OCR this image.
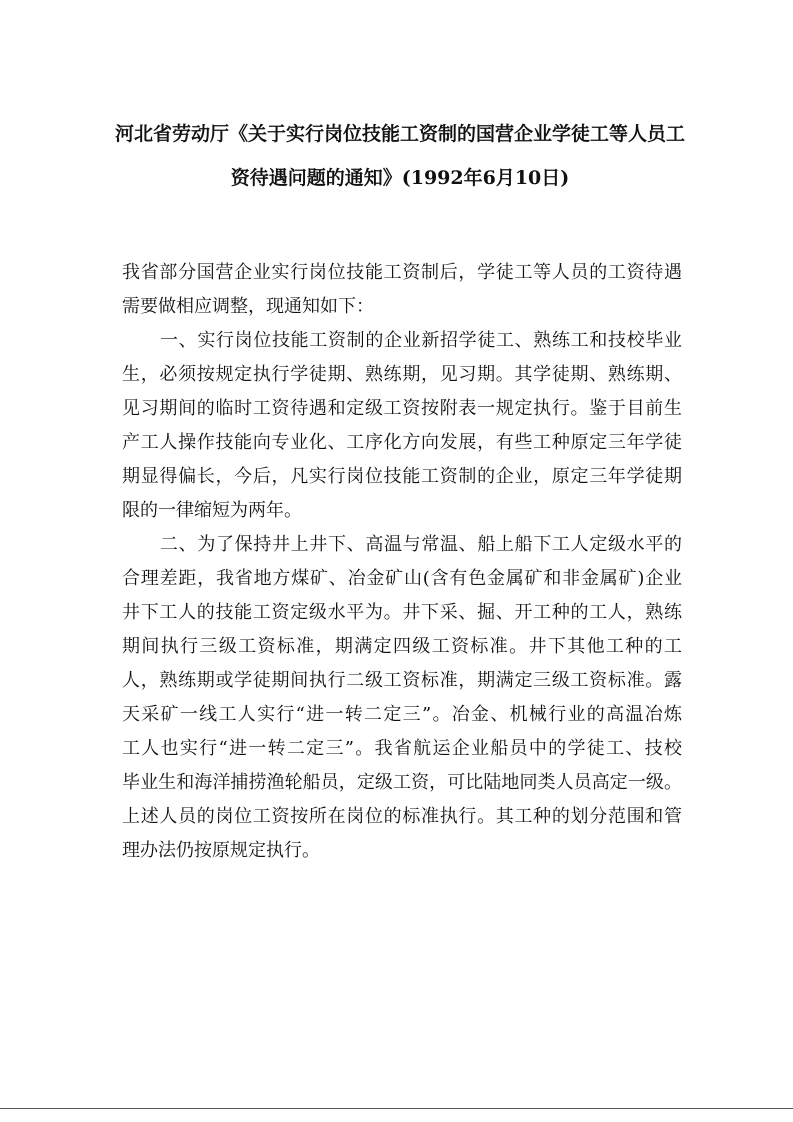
河北省劳动厅《关于实行岗位技能工资制的国营企业学徒工等人员工
资待遇问题的通知》(1992年6月10日)
我省部分国营企业实行岗位技能工资制后，学徒工等人员的工资待遇
需要做相应调整，现通知如下：
一、实行岗位技能工资制的企业新招学徒工、熟练工和技校毕业
生，必须按规定执行学徒期、熟练期，见习期。其学徒期、熟练期、
见习期间的临时工资待遇和定级工资按附表一规定执行。鉴于目前生
产工人操作技能向专业化、工序化方向发展，有些工种原定三年学徒
期显得偏长，今后，凡实行岗位技能工资制的企业，原定三年学徒期
限的一律缩短为两年。
二、为了保持井上井下、高温与常温、船上船下工人定级水平的
合理差距，我省地方煤矿、冶金矿山(含有色金属矿和非金属矿)企业
井下工人的技能工资定级水平为。井下采、掘、开工种的工人，熟练
期间执行三级工资标准，期满定四级工资标准。井下其他工种的工
人，熟练期或学徒期间执行二级工资标准，期满定三级工资标准。露
天采矿一线工人实行“进一转二定三”。冶金、机械行业的高温冶炼
工人也实行“进一转二定三”。我省航运企业船员中的学徒工、技校
毕业生和海洋捕捞渔轮船员，定级工资，可比陆地同类人员高定一级。
上述人员的岗位工资按所在岗位的标准执行。其工种的划分范围和管
理办法仍按原规定执行。
